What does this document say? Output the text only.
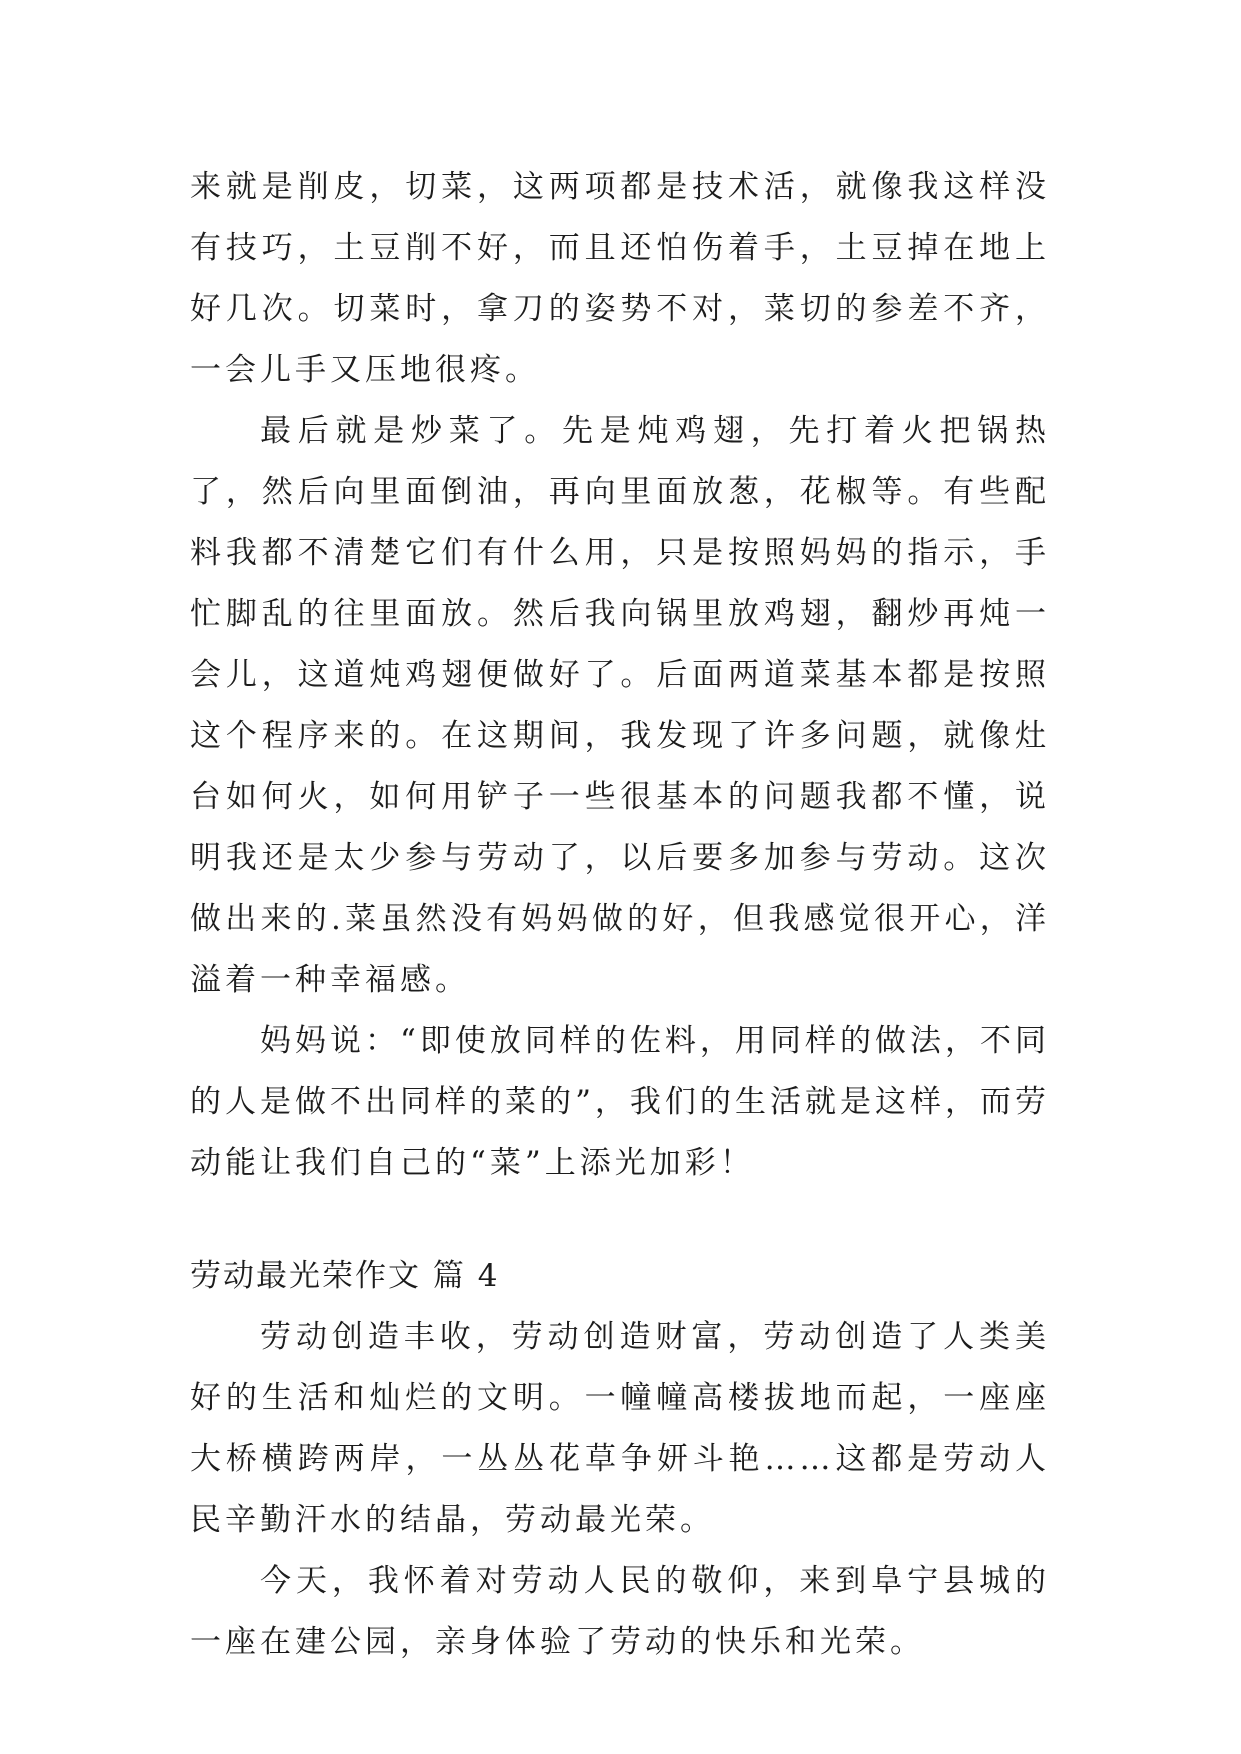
来就是削皮，切菜，这两项都是技术活，就像我这样没有技巧，土豆削不好，而且还怕伤着手，土豆掉在地上好几次。切菜时，拿刀的姿势不对，菜切的参差不齐，一会儿手又压地很疼。

最后就是炒菜了。先是炖鸡翅，先打着火把锅热了，然后向里面倒油，再向里面放葱，花椒等。有些配料我都不清楚它们有什么用，只是按照妈妈的指示，手忙脚乱的往里面放。然后我向锅里放鸡翅，翻炒再炖一会儿，这道炖鸡翅便做好了。后面两道菜基本都是按照这个程序来的。在这期间，我发现了许多问题，就像灶台如何火，如何用铲子一些很基本的问题我都不懂，说明我还是太少参与劳动了，以后要多加参与劳动。这次做出来的.菜虽然没有妈妈做的好，但我感觉很开心，洋溢着一种幸福感。

妈妈说：“即使放同样的佐料，用同样的做法，不同的人是做不出同样的菜的”，我们的生活就是这样，而劳动能让我们自己的“菜”上添光加彩！

劳动最光荣作文 篇 4

劳动创造丰收，劳动创造财富，劳动创造了人类美好的生活和灿烂的文明。一幢幢高楼拔地而起，一座座大桥横跨两岸，一丛丛花草争妍斗艳……这都是劳动人民辛勤汗水的结晶，劳动最光荣。

今天，我怀着对劳动人民的敬仰，来到阜宁县城的一座在建公园，亲身体验了劳动的快乐和光荣。
